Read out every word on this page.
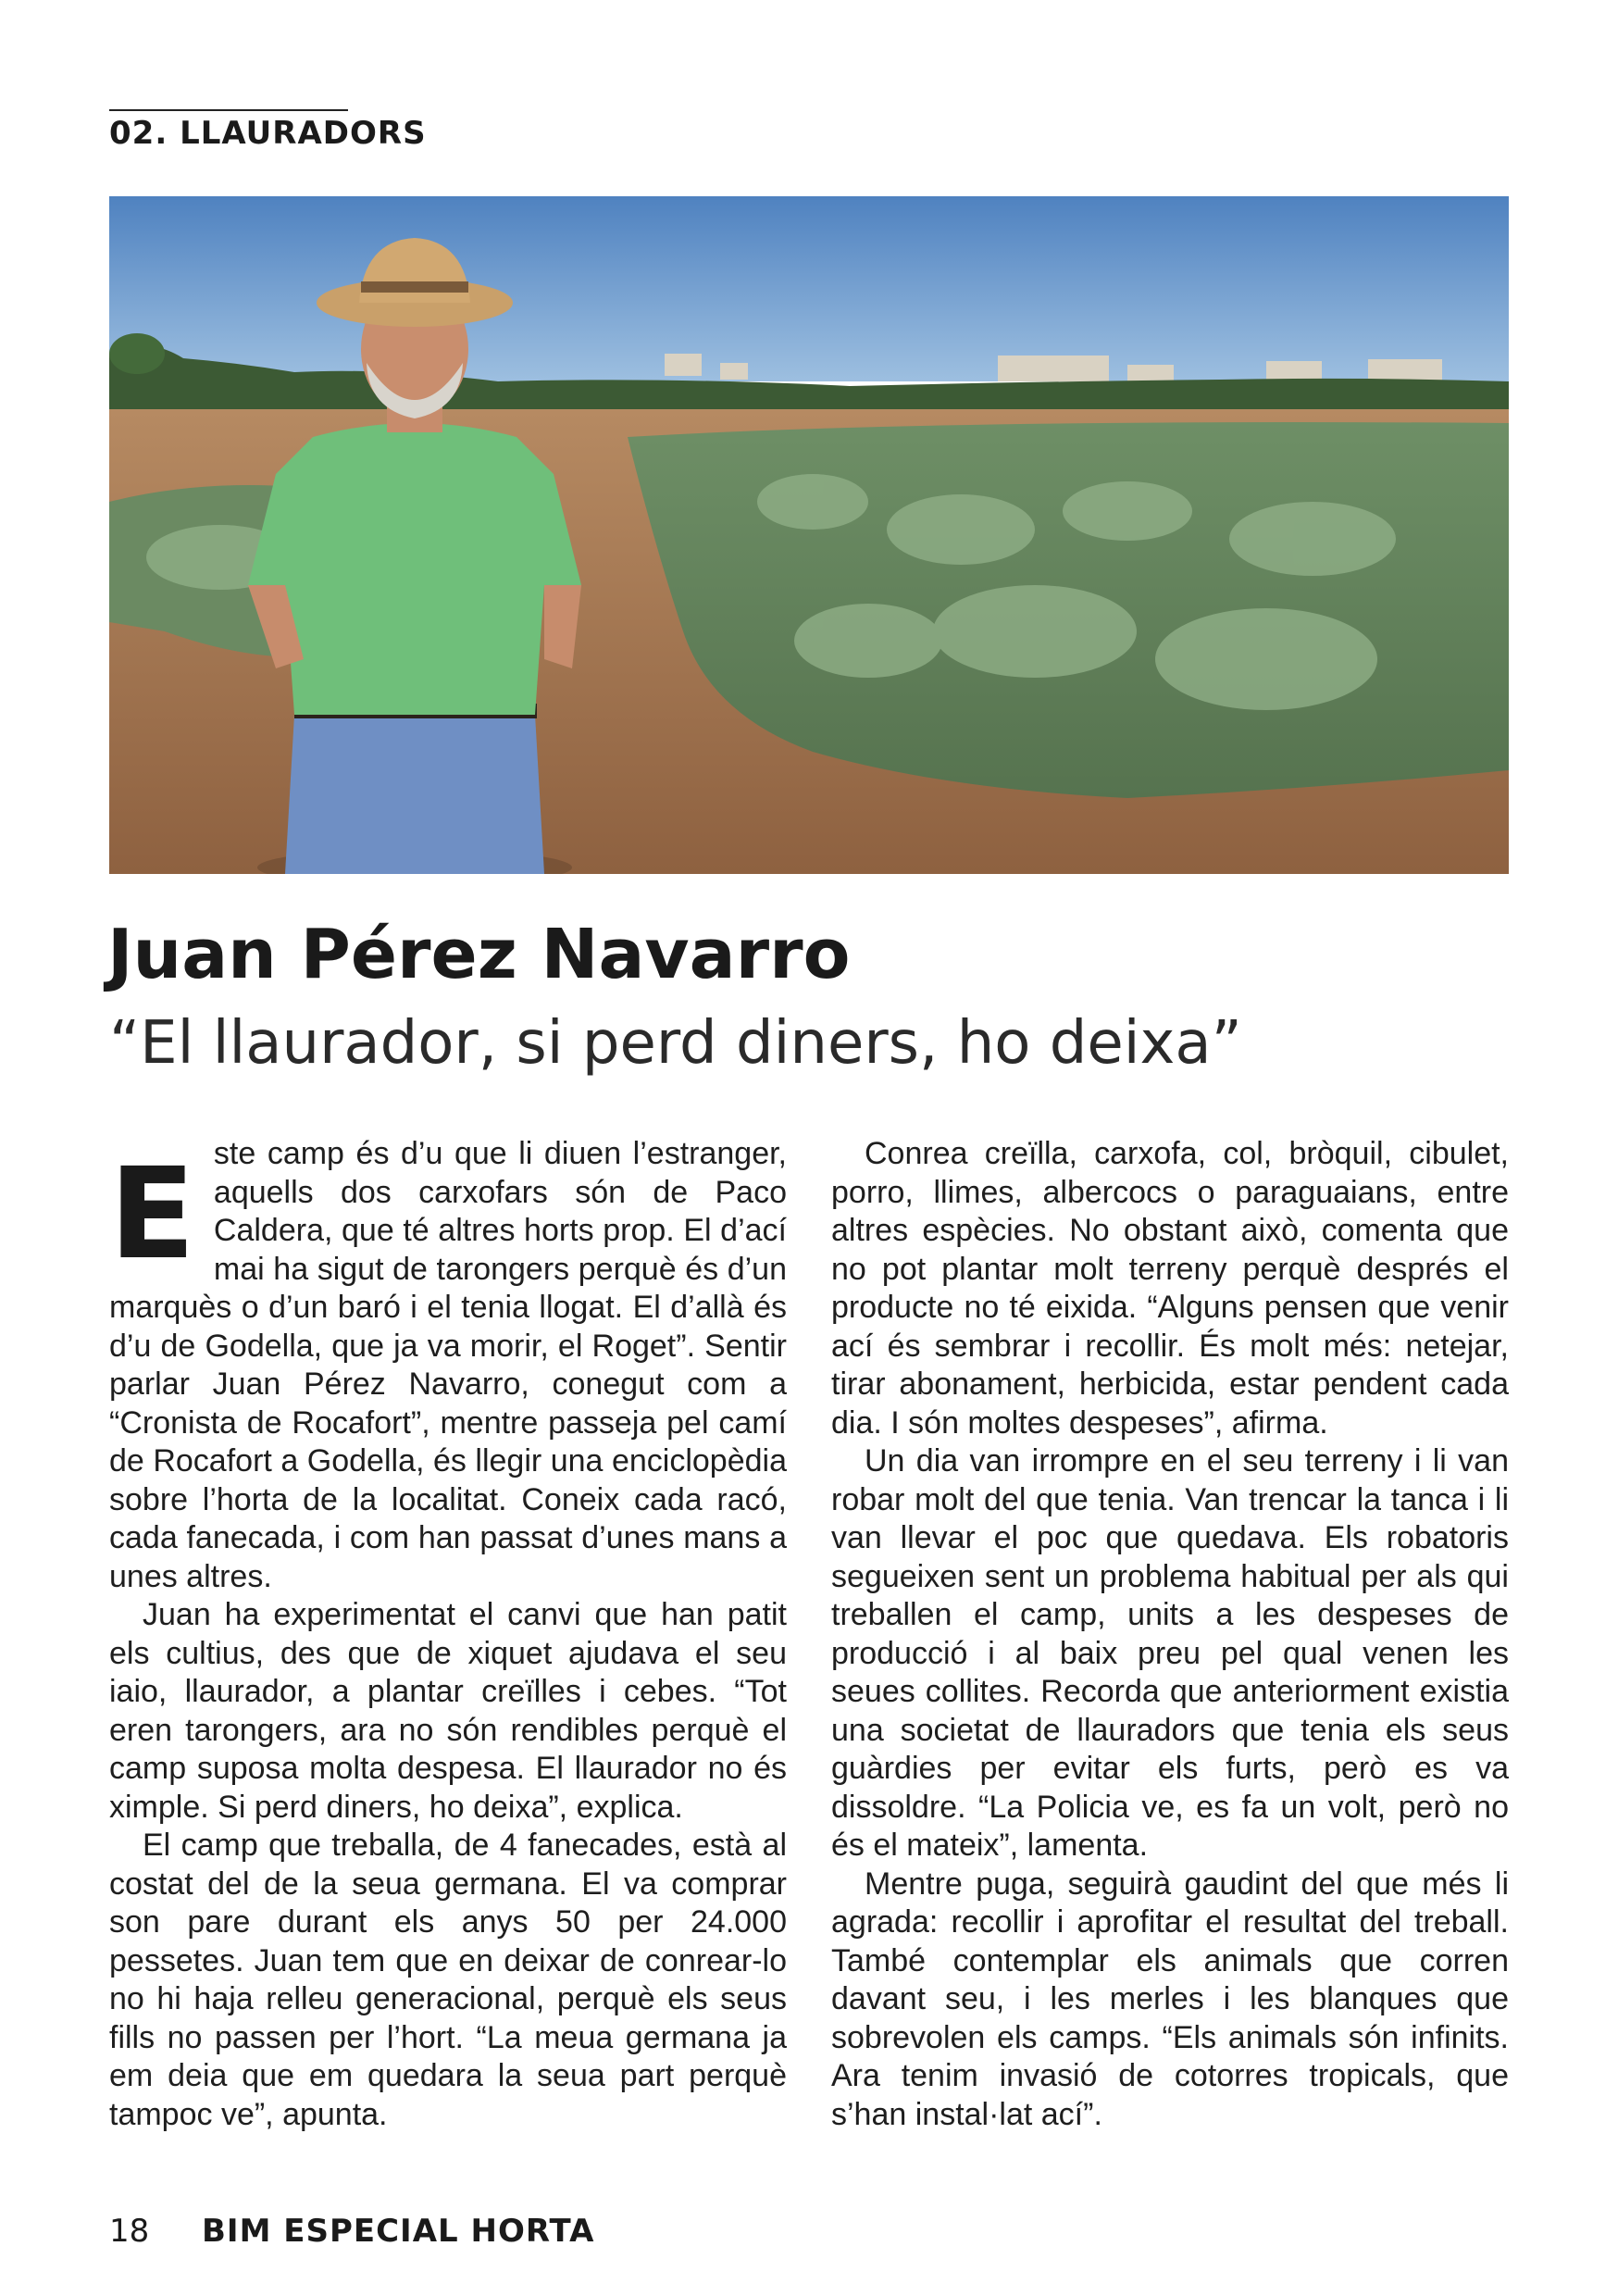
02. LLAURADORS
Juan Pérez Navarro
“El llaurador, si perd diners, ho deixa”
E ste camp és d’u que li diuen l’estranger, aquells dos carxofars són de Paco Caldera, que té altres horts prop. El d’ací mai ha sigut de tarongers perquè és d’un marquès o d’un baró i el tenia llogat. El d’allà és d’u de Godella, que ja va morir, el Roget”. Sentir parlar Juan Pérez Navarro, conegut com a “Cronista de Rocafort”, mentre passeja pel camí de Rocafort a Godella, és llegir una enciclopèdia sobre l’horta de la localitat. Coneix cada racó, cada fanecada, i com han passat d’unes mans a unes altres.

Juan ha experimentat el canvi que han patit els cultius, des que de xiquet ajudava el seu iaio, llaurador, a plantar creïlles i cebes. “Tot eren tarongers, ara no són rendibles perquè el camp suposa molta despesa. El llaurador no és ximple. Si perd diners, ho deixa”, explica.

El camp que treballa, de 4 fanecades, està al costat del de la seua germana. El va comprar son pare durant els anys 50 per 24.000 pessetes. Juan tem que en deixar de conrear-lo no hi haja relleu generacional, perquè els seus fills no passen per l’hort. “La meua germana ja em deia que em quedara la seua part perquè tampoc ve”, apunta.

Conrea creïlla, carxofa, col, bròquil, cibulet, porro, llimes, albercocs o paraguaians, entre altres espècies. No obstant això, comenta que no pot plantar molt terreny perquè després el producte no té eixida. “Alguns pensen que venir ací és sembrar i recollir. És molt més: netejar, tirar abonament, herbicida, estar pendent cada dia. I són moltes despeses”, afirma.

Un dia van irrompre en el seu terreny i li van robar molt del que tenia. Van trencar la tanca i li van llevar el poc que quedava. Els robatoris segueixen sent un problema habitual per als qui treballen el camp, units a les despeses de producció i al baix preu pel qual venen les seues collites. Recorda que anteriorment existia una societat de llauradors que tenia els seus guàrdies per evitar els furts, però es va dissoldre. “La Policia ve, es fa un volt, però no és el mateix”, lamenta.

Mentre puga, seguirà gaudint del que més li agrada: recollir i aprofitar el resultat del treball. També contemplar els animals que corren davant seu, i les merles i les blanques que sobrevolen els camps. “Els animals són infinits. Ara tenim invasió de cotorres tropicals, que s’han instal·lat ací”.

18 BIM ESPECIAL HORTA
